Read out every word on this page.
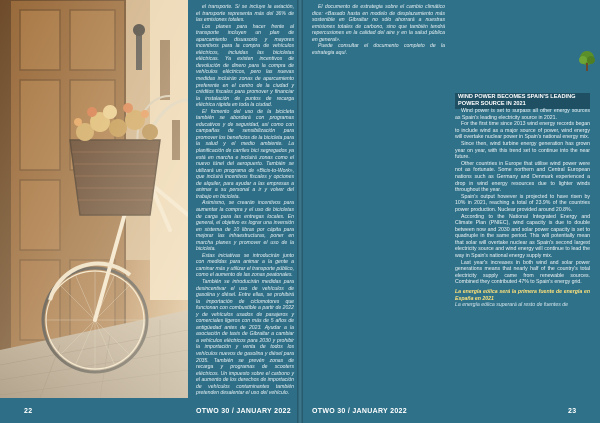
el transporte. Si se incluye la aviación, el transporte representa más del 36% de las emisiones totales.

Los planes para hacer frente al transporte incluyen un plan de aparcamiento disuasorio y mayores incentivos para la compra de vehículos eléctricos, incluidas las bicicletas eléctricas. Ya existen incentivos de devolución de dinero para la compra de vehículos eléctricos, pero las nuevas medidas incluirán zonas de aparcamiento preferente en el centro de la ciudad y créditos fiscales para promover y financiar la instalación de puntos de recarga eléctrica rápida en toda la ciudad.

El fomento del uso de la bicicleta también se abordará con programas educativos y de seguridad, así como con campañas de sensibilización para promover los beneficios de la bicicleta para la salud y el medio ambiente. La planificación de carriles bici segregados ya está en marcha e incluirá zonas como el nuevo túnel del aeropuerto. También se utilizará un programa de «Bicis-to-Work», que incluirá incentivos fiscales y opciones de alquiler, para ayudar a las empresas a animar a su personal a ir y volver del trabajo en bicicleta.

Asimismo, se crearán incentivos para aumentar la compra y el uso de bicicletas de carga para las entregas locales. En general, el objetivo es lograr una inversión en sistema de 10 libras por cápita para mejorar las infraestructuras, poner en marcha planes y promover el uso de la bicicleta.

Estas iniciativas se introducirán junto con medidas para animar a la gente a caminar más y utilizar el transporte público, como el aumento de las zonas peatonales.

También se introducirán medidas para desincentivar el uso de vehículos de gasolina y diésel. Entre ellas, se prohibirá la importación de ciclomotores que funcionan con combustible a partir de 2022 y de vehículos usados de pasajeros y comerciales ligeros con más de 5 años de antigüedad antes de 2023. Ayudar a la asociación de taxis de Gibraltar a cambiar a vehículos eléctricos para 2030 y prohibir la importación y venta de todos los vehículos nuevos de gasolina y diésel para 2035. También se prevén zonas de recarga y programas de scooters eléctricos. Un impuesto sobre el carbono y el aumento de los derechos de importación de vehículos contaminantes también pretenden desalentar el uso del vehículo.

22	OTWO 30 / JANUARY 2022

El documento de estrategia sobre el cambio climático dice: «Basado hasta en modelo de desplazamiento más sostenible en Gibraltar no sólo ahorrará a nuestras emisiones totales de carbono, sino que también tendrá repercusiones en la calidad del aire y en la salud pública en general».

Puede consultar el documento completo de la estrategia aquí.

WIND POWER BECOMES SPAIN'S LEADING POWER SOURCE IN 2021

Wind power is set to surpass all other energy sources as Spain's leading electricity source in 2021.

For the first time since 2013 wind energy records began to include wind as a major source of power, wind energy will overtake nuclear power in Spain's national energy mix.

Since then, wind turbine energy generation has grown year on year, with this trend set to continue into the near future.

Other countries in Europe that utilise wind power were not as fortunate. Some northern and Central European nations such as Germany and Denmark experienced a drop in wind energy resources due to lighter winds throughout the year.

Spain's output however is projected to have risen by 10% in 2021, reaching a total of 23.9% of the countries power production. Nuclear provided around 20.8%.

According to the National Integrated Energy and Climate Plan (PNIEC), wind capacity is due to double between now and 2030 and solar power capacity is set to quadruple in the same period. This will potentially mean that solar will overtake nuclear as Spain's second largest electricity source and wind energy will continue to lead the way in Spain's national energy supply mix.

Last year's increases in both wind and solar power generations means that nearly half of the country's total electricity supply came from renewable sources. Combined they contributed 47% to Spain's energy grid.

La energía eólica será la primera fuente de energía en España en 2021

La energía eólica superará al resto de fuentes de

OTWO 30 / JANUARY 2022	23
